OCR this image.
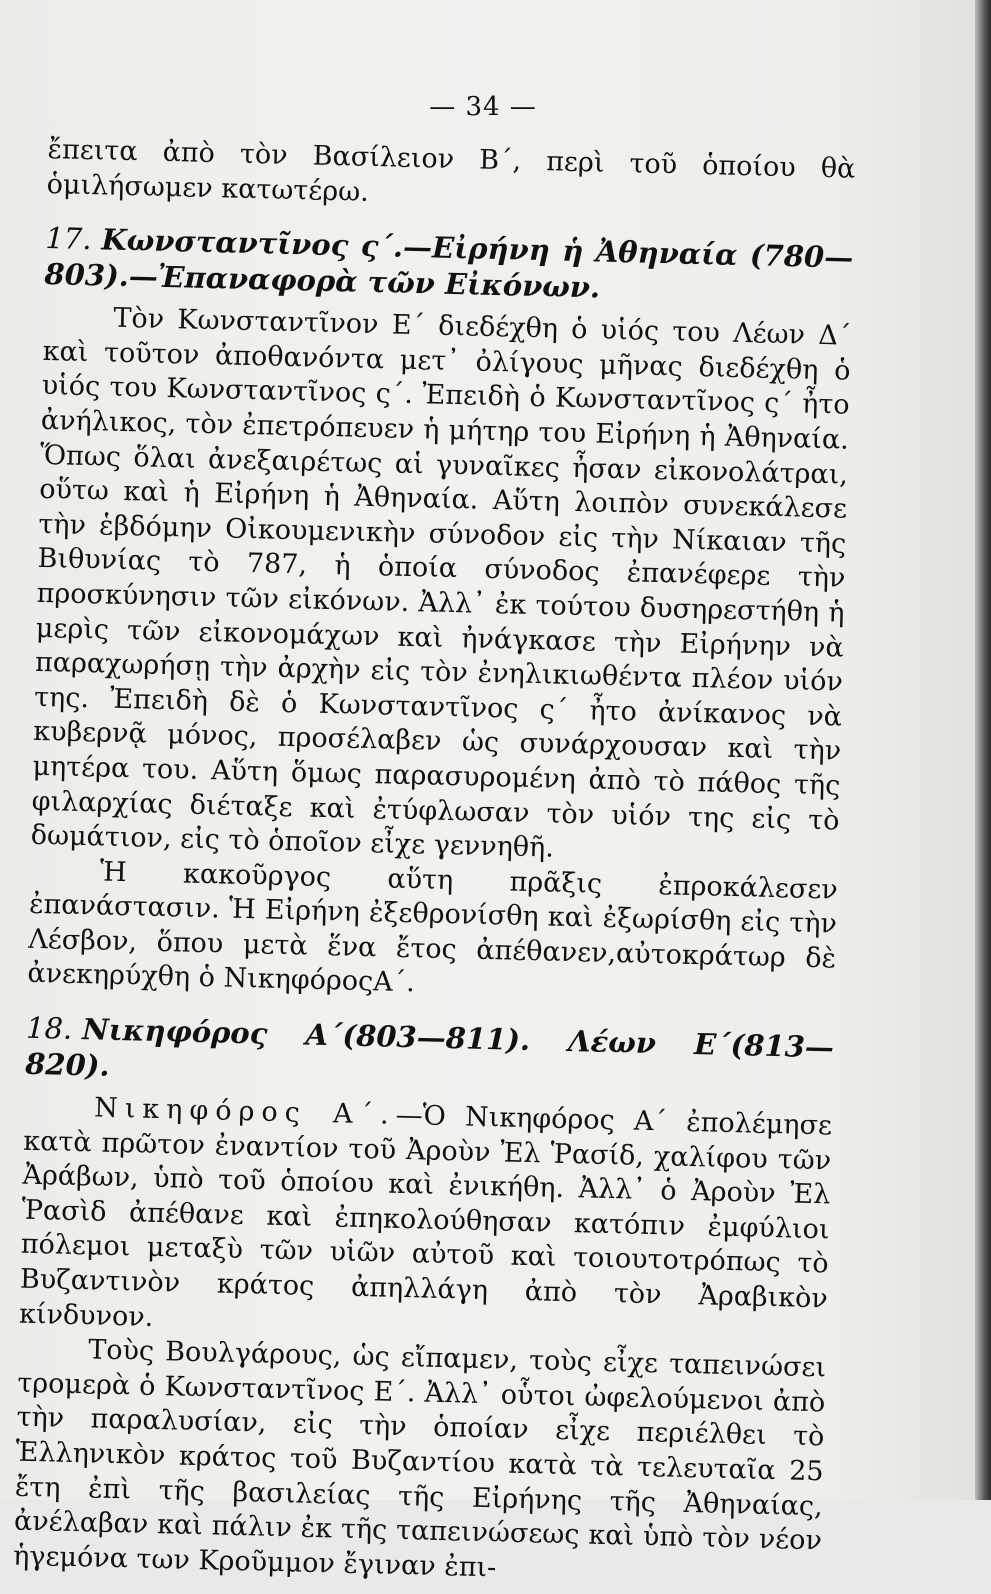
— 34 —

ἔπειτα ἀπὸ τὸν Βασίλειον Β΄, περὶ τοῦ ὁποίου θὰ ὁμιλήσωμεν κατωτέρω.

17. Κωνσταντῖνος ς΄.—Εἰρήνη ἡ Ἀθηναία (780—803).—Ἐπαναφορὰ τῶν Εἰκόνων.

Τὸν Κωνσταντῖνον Ε΄ διεδέχθη ὁ υἱός του Λέων Δ΄ καὶ τοῦτον ἀποθανόντα μετ᾽ ὀλίγους μῆνας διεδέχθη ὁ υἱός του Κωνσταντῖνος ς΄. Ἐπειδὴ ὁ Κωνσταντῖνος ς΄ ἦτο ἀνήλικος, τὸν ἐπετρόπευεν ἡ μήτηρ του Εἰρήνη ἡ Ἀθηναία. Ὅπως ὅλαι ἀνεξαιρέτως αἱ γυναῖκες ἦσαν εἰκονολάτραι, οὕτω καὶ ἡ Εἰρήνη ἡ Ἀθηναία. Αὕτη λοιπὸν συνεκάλεσε τὴν ἑβδόμην Οἰκουμενικὴν σύνοδον εἰς τὴν Νίκαιαν τῆς Βιθυνίας τὸ 787, ἡ ὁποία σύνοδος ἐπανέφερε τὴν προσκύνησιν τῶν εἰκόνων. Ἀλλ᾽ ἐκ τούτου δυσηρεστήθη ἡ μερὶς τῶν εἰκονομάχων καὶ ἠνάγκασε τὴν Εἰρήνην νὰ παραχωρήσῃ τὴν ἀρχὴν εἰς τὸν ἐνηλικιωθέντα πλέον υἱόν της. Ἐπειδὴ δὲ ὁ Κωνσταντῖνος ς΄ ἦτο ἀνίκανος νὰ κυβερνᾷ μόνος, προσέλαβεν ὡς συνάρχουσαν καὶ τὴν μητέρα του. Αὕτη ὅμως παρασυρομένη ἀπὸ τὸ πάθος τῆς φιλαρχίας διέταξε καὶ ἐτύφλωσαν τὸν υἱόν της εἰς τὸ δωμάτιον, εἰς τὸ ὁποῖον εἶχε γεννηθῆ.

Ἡ κακοῦργος αὕτη πρᾶξις ἐπροκάλεσεν ἐπανάστασιν. Ἡ Εἰρήνη ἐξεθρονίσθη καὶ ἐξωρίσθη εἰς τὴν Λέσβον, ὅπου μετὰ ἕνα ἔτος ἀπέθανεν,αὐτοκράτωρ δὲ ἀνεκηρύχθη ὁ ΝικηφόροςΑ΄.

18. Νικηφόρος Α΄(803—811). Λέων Ε΄(813—820).

Νικηφόρος Α΄.—Ὁ Νικηφόρος Α΄ ἐπολέμησε κατὰ πρῶτον ἐναντίον τοῦ Ἀροὺν Ἐλ Ῥασίδ, χαλίφου τῶν Ἀράβων, ὑπὸ τοῦ ὁποίου καὶ ἐνικήθη. Ἀλλ᾽ ὁ Ἀροὺν Ἐλ Ῥασὶδ ἀπέθανε καὶ ἐπηκολούθησαν κατόπιν ἐμφύλιοι πόλεμοι μεταξὺ τῶν υἱῶν αὐτοῦ καὶ τοιουτοτρόπως τὸ Βυζαντινὸν κράτος ἀπηλλάγη ἀπὸ τὸν Ἀραβικὸν κίνδυνον.

Τοὺς Βουλγάρους, ὡς εἴπαμεν, τοὺς εἶχε ταπεινώσει τρομερὰ ὁ Κωνσταντῖνος Ε΄. Ἀλλ᾽ οὗτοι ὠφελούμενοι ἀπὸ τὴν παραλυσίαν, εἰς τὴν ὁποίαν εἶχε περιέλθει τὸ Ἑλληνικὸν κράτος τοῦ Βυζαντίου κατὰ τὰ τελευταῖα 25 ἔτη ἐπὶ τῆς βασιλείας τῆς Εἰρήνης τῆς Ἀθηναίας, ἀνέλαβαν καὶ πάλιν ἐκ τῆς ταπεινώσεως καὶ ὑπὸ τὸν νέον ἡγεμόνα των Κροῦμμον ἔγιναν ἐπι-
